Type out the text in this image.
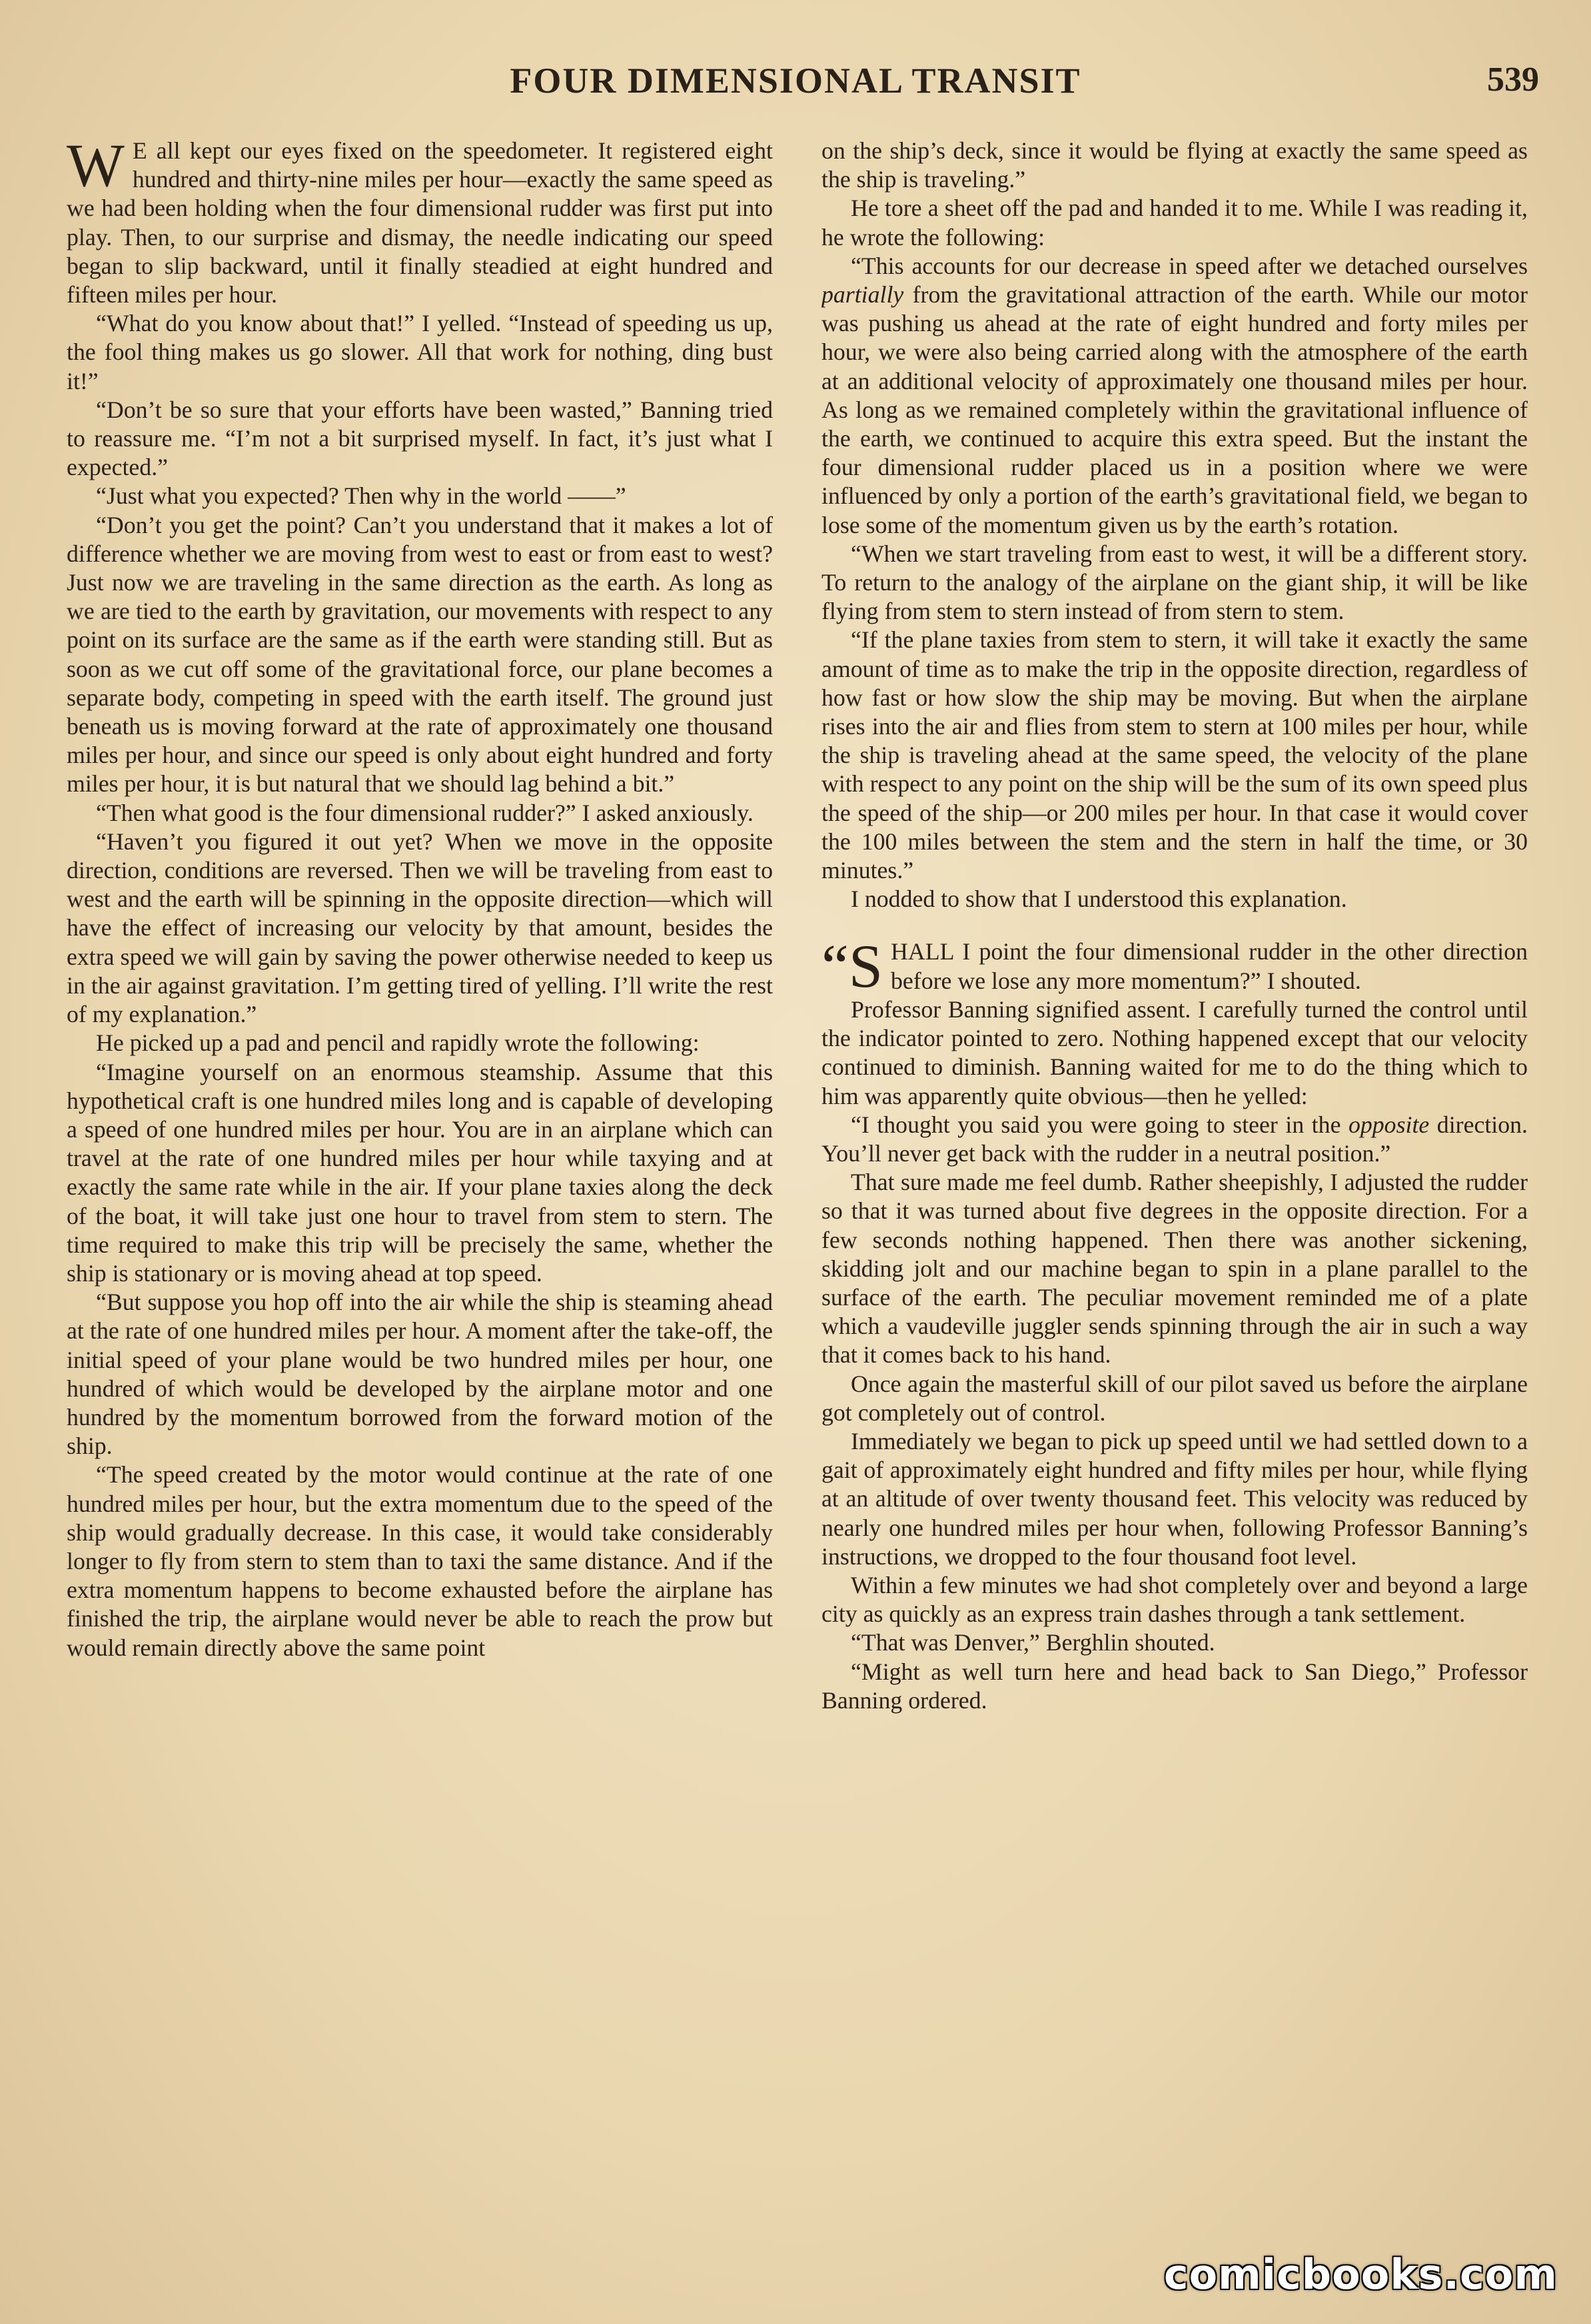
FOUR DIMENSIONAL TRANSIT	539

W E all kept our eyes fixed on the speedometer. It registered eight hundred and thirty-nine miles per hour—exactly the same speed as we had been holding when the four dimensional rudder was first put into play. Then, to our surprise and dismay, the needle indicating our speed began to slip backward, until it finally steadied at eight hundred and fifteen miles per hour.

“What do you know about that!” I yelled. “Instead of speeding us up, the fool thing makes us go slower. All that work for nothing, ding bust it!”

“Don’t be so sure that your efforts have been wasted,” Banning tried to reassure me. “I’m not a bit surprised myself. In fact, it’s just what I expected.”

“Just what you expected? Then why in the world ——”

“Don’t you get the point? Can’t you understand that it makes a lot of difference whether we are moving from west to east or from east to west? Just now we are traveling in the same direction as the earth. As long as we are tied to the earth by gravitation, our movements with respect to any point on its surface are the same as if the earth were standing still. But as soon as we cut off some of the gravitational force, our plane becomes a separate body, competing in speed with the earth itself. The ground just beneath us is moving forward at the rate of approximately one thousand miles per hour, and since our speed is only about eight hundred and forty miles per hour, it is but natural that we should lag behind a bit.”

“Then what good is the four dimensional rudder?” I asked anxiously.

“Haven’t you figured it out yet? When we move in the opposite direction, conditions are reversed. Then we will be traveling from east to west and the earth will be spinning in the opposite direction—which will have the effect of increasing our velocity by that amount, besides the extra speed we will gain by saving the power otherwise needed to keep us in the air against gravitation. I’m getting tired of yelling. I’ll write the rest of my explanation.”

He picked up a pad and pencil and rapidly wrote the following:

“Imagine yourself on an enormous steamship. Assume that this hypothetical craft is one hundred miles long and is capable of developing a speed of one hundred miles per hour. You are in an airplane which can travel at the rate of one hundred miles per hour while taxying and at exactly the same rate while in the air. If your plane taxies along the deck of the boat, it will take just one hour to travel from stem to stern. The time required to make this trip will be precisely the same, whether the ship is stationary or is moving ahead at top speed.

“But suppose you hop off into the air while the ship is steaming ahead at the rate of one hundred miles per hour. A moment after the take-off, the initial speed of your plane would be two hundred miles per hour, one hundred of which would be developed by the airplane motor and one hundred by the momentum borrowed from the forward motion of the ship.

“The speed created by the motor would continue at the rate of one hundred miles per hour, but the extra momentum due to the speed of the ship would gradually decrease. In this case, it would take considerably longer to fly from stern to stem than to taxi the same distance. And if the extra momentum happens to become exhausted before the airplane has finished the trip, the airplane would never be able to reach the prow but would remain directly above the same point

on the ship’s deck, since it would be flying at exactly the same speed as the ship is traveling.”

He tore a sheet off the pad and handed it to me. While I was reading it, he wrote the following:

“This accounts for our decrease in speed after we detached ourselves partially from the gravitational attraction of the earth. While our motor was pushing us ahead at the rate of eight hundred and forty miles per hour, we were also being carried along with the atmosphere of the earth at an additional velocity of approximately one thousand miles per hour. As long as we remained completely within the gravitational influence of the earth, we continued to acquire this extra speed. But the instant the four dimensional rudder placed us in a position where we were influenced by only a portion of the earth’s gravitational field, we began to lose some of the momentum given us by the earth’s rotation.

“When we start traveling from east to west, it will be a different story. To return to the analogy of the airplane on the giant ship, it will be like flying from stem to stern instead of from stern to stem.

“If the plane taxies from stem to stern, it will take it exactly the same amount of time as to make the trip in the opposite direction, regardless of how fast or how slow the ship may be moving. But when the airplane rises into the air and flies from stem to stern at 100 miles per hour, while the ship is traveling ahead at the same speed, the velocity of the plane with respect to any point on the ship will be the sum of its own speed plus the speed of the ship—or 200 miles per hour. In that case it would cover the 100 miles between the stem and the stern in half the time, or 30 minutes.”

I nodded to show that I understood this explanation.

“SHALL I point the four dimensional rudder in the other direction before we lose any more momentum?” I shouted.

Professor Banning signified assent. I carefully turned the control until the indicator pointed to zero. Nothing happened except that our velocity continued to diminish. Banning waited for me to do the thing which to him was apparently quite obvious—then he yelled:

“I thought you said you were going to steer in the opposite direction. You’ll never get back with the rudder in a neutral position.”

That sure made me feel dumb. Rather sheepishly, I adjusted the rudder so that it was turned about five degrees in the opposite direction. For a few seconds nothing happened. Then there was another sickening, skidding jolt and our machine began to spin in a plane parallel to the surface of the earth. The peculiar movement reminded me of a plate which a vaudeville juggler sends spinning through the air in such a way that it comes back to his hand.

Once again the masterful skill of our pilot saved us before the airplane got completely out of control.

Immediately we began to pick up speed until we had settled down to a gait of approximately eight hundred and fifty miles per hour, while flying at an altitude of over twenty thousand feet. This velocity was reduced by nearly one hundred miles per hour when, following Professor Banning’s instructions, we dropped to the four thousand foot level.

Within a few minutes we had shot completely over and beyond a large city as quickly as an express train dashes through a tank settlement.

“That was Denver,” Berghlin shouted.

“Might as well turn here and head back to San Diego,” Professor Banning ordered.

comicbooks.com
